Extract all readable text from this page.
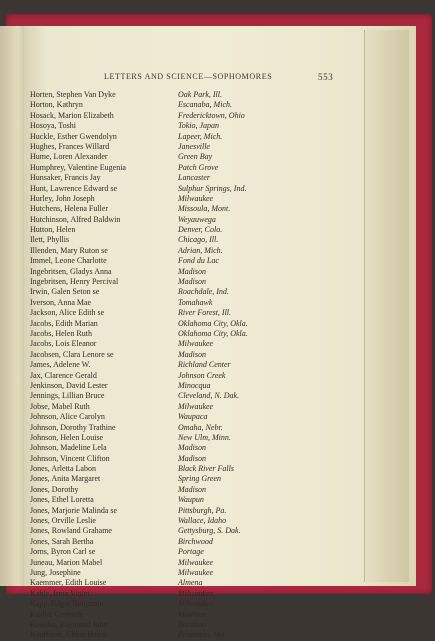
LETTERS AND SCIENCE—SOPHOMORES	553
Horten, Stephen Van Dyke	Oak Park, Ill.
Horton, Kathryn	Escanaba, Mich.
Hosack, Marion Elizabeth	Fredericktown, Ohio
Hosoya, Toshi	Tokio, Japan
Huckle, Esther Gwendolyn	Lapeer, Mich.
Hughes, Frances Willard	Janesville
Hume, Loren Alexander	Green Bay
Humphrey, Valentine Eugenia	Patch Grove
Hunsaker, Francis Jay	Lancaster
Hunt, Lawrence Edward se	Sulphur Springs, Ind.
Hurley, John Joseph	Milwaukee
Hutchens, Helena Fuller	Missoula, Mont.
Hutchinson, Alfred Baldwin	Weyauwega
Hutton, Helen	Denver, Colo.
Ilett, Phyllis	Chicago, Ill.
Illenden, Mary Ruton se	Adrian, Mich.
Immel, Leone Charlotte	Fond du Lac
Ingebritsen, Gladys Anna	Madison
Ingebritsen, Henry Percival	Madison
Irwin, Galen Seton se	Roachdale, Ind.
Iverson, Anna Mae	Tomahawk
Jackson, Alice Edith se	River Forest, Ill.
Jacobs, Edith Marian	Oklahoma City, Okla.
Jacobs, Helen Ruth	Oklahoma City, Okla.
Jacobs, Lois Eleanor	Milwaukee
Jacobsen, Clara Lenore se	Madison
James, Adelene W.	Richland Center
Jax, Clarence Gerald	Johnson Creek
Jenkinson, David Lester	Minocqua
Jennings, Lillian Bruce	Cleveland, N. Dak.
Jobse, Mabel Ruth	Milwaukee
Johnson, Alice Carolyn	Waupaca
Johnson, Dorothy Trathine	Omaha, Nebr.
Johnson, Helen Louise	New Ulm, Minn.
Johnson, Madeline Lela	Madison
Johnson, Vincent Clifton	Madison
Jones, Arletta Labon	Black River Falls
Jones, Anita Margaret	Spring Green
Jones, Dorothy	Madison
Jones, Ethel Loretta	Waupun
Jones, Marjorie Malinda se	Pittsburgh, Pa.
Jones, Orville Leslie	Wallace, Idaho
Jones, Rowland Grahame	Gettysburg, S. Dak.
Jones, Sarah Bertha	Birchwood
Jorns, Byron Carl se	Portage
Juneau, Marion Mabel	Milwaukee
Jung, Josephine	Milwaukee
Kaemmer, Edith Louise	Almena
Kahle, Irma Violet	Milwaukee
Kapp, Edgar Benjamin	Milwaukee
Kaslin, Gertrude	Madison
Kasiska, Raymond John	Baraboo
Kauffman, Chloe Helen	Princeton, Mo.
